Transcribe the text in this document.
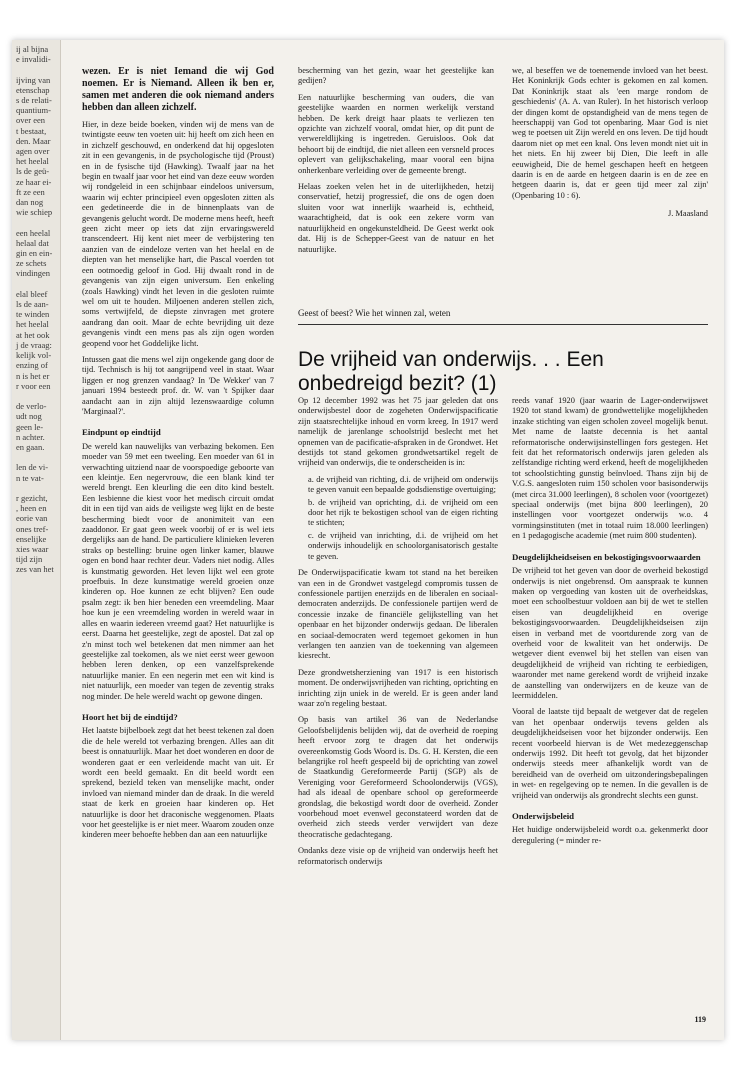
ij al bijna
e invalidi-

ijving van
etenschap
s de relati-
quantium-
over een
t bestaat,
den. Maar
agen over
het heelal
ls de geü-
ze haar ei-
ft ze een
dan nog
wie schiep

een heelal
helaal dat
gin en ein-
ze schets
vindingen

elal bleef
ls de aan-
te winden
het heelal
at het ook
j de vraag:
kelijk vol-
enzing of
n is het er
r voor een

de verlo-
udt nog
geen le-
n achter.
en gaan.

len de vi-
n te vat-

r gezicht,
, heen en
eorie van
ones tref-
enselijke
xies waar
tijd zijn
zes van het

wezen. Er is niet Iemand die wij God noemen. Er is Niemand. Alleen ik ben er, samen met anderen die ook niemand anders hebben dan alleen zichzelf.

Hier, in deze beide boeken, vinden wij de mens van de twintigste eeuw ten voeten uit: hij heeft om zich heen en in zichzelf geschouwd, en onderkend dat hij opgesloten zit in een gevangenis, in de psychologische tijd (Proust) en in de fysische tijd (Hawking). Twaalf jaar na het begin en twaalf jaar voor het eind van deze eeuw worden wij rondgeleid in een schijnbaar eindeloos universum, waarin wij echter principieel even opgesloten zitten als een gedetineerde die in de binnenplaats van de gevangenis gelucht wordt. De moderne mens heeft, heeft geen zicht meer op iets dat zijn ervaringswereld transcendeert. Hij kent niet meer de verbijstering ten aanzien van de eindeloze verten van het heelal en de diepten van het menselijke hart, die Pascal voerden tot een ootmoedig geloof in God. Hij dwaalt rond in de gevangenis van zijn eigen universum. Een enkeling (zoals Hawking) vindt het leven in die gesloten ruimte wel om uit te houden. Miljoenen anderen stellen zich, soms vertwijfeld, de diepste zinvragen met grotere aandrang dan ooit. Maar de echte bevrijding uit deze gevangenis vindt een mens pas als zijn ogen worden geopend voor het Goddelijke licht.

Intussen gaat die mens wel zijn ongekende gang door de tijd. Technisch is hij tot aangrijpend veel in staat. Waar liggen er nog grenzen vandaag? In 'De Wekker' van 7 januari 1994 besteedt prof. dr. W. van 't Spijker daar aandacht aan in zijn altijd lezenswaardige column 'Marginaal?'.

Eindpunt op eindtijd

De wereld kan nauwelijks van verbazing bekomen. Een moeder van 59 met een tweeling. Een moeder van 61 in verwachting uitziend naar de voorspoedige geboorte van een kleintje. Een negervrouw, die een blank kind ter wereld brengt. Een kleurling die een dito kind bestelt. Een lesbienne die kiest voor het medisch circuit omdat dit in een tijd van aids de veiligste weg lijkt en de beste bescherming biedt voor de anonimiteit van een zaaddonor. Er gaat geen week voorbij of er is wel iets dergelijks aan de hand. De particuliere klinieken leveren straks op bestelling: bruine ogen linker kamer, blauwe ogen en bond haar rechter deur. Vaders niet nodig. Alles is kunstmatig geworden. Het leven lijkt wel een grote proefbuis. In deze kunstmatige wereld groeien onze kinderen op. Hoe kunnen ze echt blijven? Een oude psalm zegt: ik ben hier beneden een vreemdeling. Maar hoe kun je een vreemdeling worden in wereld waar in alles en waarin iedereen vreemd gaat? Het natuurlijke is eerst. Daarna het geestelijke, zegt de apostel. Dat zal op z'n minst toch wel betekenen dat men nimmer aan het geestelijke zal toekomen, als we niet eerst weer gewoon hebben leren denken, op een vanzelfsprekende natuurlijke manier. En een negerin met een wit kind is niet natuurlijk, een moeder van tegen de zeventig straks nog minder. De hele wereld wacht op gewone dingen.

Hoort het bij de eindtijd?

Het laatste bijbelboek zegt dat het beest tekenen zal doen die de hele wereld tot verbazing brengen. Alles aan dit beest is onnatuurlijk. Maar het doet wonderen en door de wonderen gaat er een verleidende macht van uit. Er wordt een beeld gemaakt. En dit beeld wordt een sprekend, bezield teken van menselijke macht, onder invloed van niemand minder dan de draak. In die wereld staat de kerk en groeien haar kinderen op. Het natuurlijke is door het draconische weggenomen. Plaats voor het geestelijke is er niet meer. Waarom zouden onze kinderen meer behoefte hebben dan aan een natuurlijke

bescherming van het gezin, waar het geestelijke kan gedijen?

Een natuurlijke bescherming van ouders, die van geestelijke waarden en normen werkelijk verstand hebben. De kerk dreigt haar plaats te verliezen ten opzichte van zichzelf vooral, omdat hier, op dit punt de verwereldlijking is ingetreden. Geruisloos. Ook dat behoort bij de eindtijd, die niet alleen een versneld proces oplevert van gelijkschakeling, maar vooral een bijna onherkenbare verleiding over de gemeente brengt.

Helaas zoeken velen het in de uiterlijkheden, hetzij conservatief, hetzij progressief, die ons de ogen doen sluiten voor wat innerlijk waarheid is, echtheid, waarachtigheid, dat is ook een zekere vorm van natuurlijkheid en ongekunsteldheid. De Geest werkt ook dat. Hij is de Schepper-Geest van de natuur en het natuurlijke.

we, al beseffen we de toenemende invloed van het beest. Het Koninkrijk Gods echter is gekomen en zal komen. Dat Koninkrijk staat als 'een marge rondom de geschiedenis' (A. A. van Ruler). In het historisch verloop der dingen komt de opstandigheid van de mens tegen de heerschappij van God tot openbaring. Maar God is niet weg te poetsen uit Zijn wereld en ons leven. De tijd houdt daarom niet op met een knal. Ons leven mondt niet uit in het niets. En hij zweer bij Dien, Die leeft in alle eeuwigheid, Die de hemel geschapen heeft en hetgeen daarin is en de aarde en hetgeen daarin is en de zee en hetgeen daarin is, dat er geen tijd meer zal zijn' (Openbaring 10 : 6).

J. Maasland
Geest of beest? Wie het winnen zal, weten
De vrijheid van onderwijs. . . Een onbedreigd bezit? (1)

Op 12 december 1992 was het 75 jaar geleden dat ons onderwijsbestel door de zogeheten Onderwijspacificatie zijn staatsrechtelijke inhoud en vorm kreeg. In 1917 werd namelijk de jarenlange schoolstrijd beslecht met het opnemen van de pacificatie-afspraken in de Grondwet. Het destijds tot stand gekomen grondwetsartikel regelt de vrijheid van onderwijs, die te onderscheiden is in:

a. de vrijheid van richting, d.i. de vrijheid om onderwijs te geven vanuit een bepaalde godsdienstige overtuiging;
b. de vrijheid van oprichting, d.i. de vrijheid om een door het rijk te bekostigen school van de eigen richting te stichten;
c. de vrijheid van inrichting, d.i. de vrijheid om het onderwijs inhoudelijk en schoolorganisatorisch gestalte te geven.

De Onderwijspacificatie kwam tot stand na het bereiken van een in de Grondwet vastgelegd compromis tussen de confessionele partijen enerzijds en de liberalen en sociaal-democraten anderzijds. De confessionele partijen werd de concessie inzake de financiële gelijkstelling van het openbaar en het bijzonder onderwijs gedaan. De liberalen en sociaal-democraten werd tegemoet gekomen in hun verlangen ten aanzien van de toekenning van algemeen kiesrecht.

Deze grondwetsherziening van 1917 is een historisch moment. De onderwijsvrijheden van richting, oprichting en inrichting zijn uniek in de wereld. Er is geen ander land waar zo'n regeling bestaat.

Op basis van artikel 36 van de Nederlandse Geloofsbelijdenis belijden wij, dat de overheid de roeping heeft ervoor zorg te dragen dat het onderwijs overeenkomstig Gods Woord is. Ds. G. H. Kersten, die een belangrijke rol heeft gespeeld bij de oprichting van zowel de Staatkundig Gereformeerde Partij (SGP) als de Vereniging voor Gereformeerd Schoolonderwijs (VGS), had als ideaal de openbare school op gereformeerde grondslag, die bekostigd wordt door de overheid. Zonder voorbehoud moet evenwel geconstateerd worden dat de overheid zich steeds verder verwijdert van deze theocratische gedachtegang.

Ondanks deze visie op de vrijheid van onderwijs heeft het reformatorisch onderwijs

reeds vanaf 1920 (jaar waarin de Lager-onderwijswet 1920 tot stand kwam) de grondwettelijke mogelijkheden inzake stichting van eigen scholen zoveel mogelijk benut. Met name de laatste decennia is het aantal reformatorische onderwijsinstellingen fors gestegen. Het feit dat het reformatorisch onderwijs jaren geleden als zelfstandige richting werd erkend, heeft de mogelijkheden tot schoolstichting gunstig beïnvloed. Thans zijn bij de V.G.S. aangesloten ruim 150 scholen voor basisonderwijs (met circa 31.000 leerlingen), 8 scholen voor (voortgezet) speciaal onderwijs (met bijna 800 leerlingen), 20 instellingen voor voortgezet onderwijs w.o. 4 vormingsinstituten (met in totaal ruim 18.000 leerlingen) en 1 pedagogische academie (met ruim 800 studenten).

Deugdelijkheidseisen en bekostigingsvoorwaarden

De vrijheid tot het geven van door de overheid bekostigd onderwijs is niet ongebrensd. Om aanspraak te kunnen maken op vergoeding van kosten uit de overheidskas, moet een schoolbestuur voldoen aan bij de wet te stellen eisen van deugdelijkheid en overige bekostigingsvoorwaarden. Deugdelijkheidseisen zijn eisen in verband met de voortdurende zorg van de overheid voor de kwaliteit van het onderwijs. De wetgever dient evenwel bij het stellen van eisen van deugdelijkheid de vrijheid van richting te eerbiedigen, waaronder met name gerekend wordt de vrijheid inzake de aanstelling van onderwijzers en de keuze van de leermiddelen.

Vooral de laatste tijd bepaalt de wetgever dat de regelen van het openbaar onderwijs tevens gelden als deugdelijkheidseisen voor het bijzonder onderwijs. Een recent voorbeeld hiervan is de Wet medezeggenschap onderwijs 1992. Dit heeft tot gevolg, dat het bijzonder onderwijs steeds meer afhankelijk wordt van de bereidheid van de overheid om uitzonderingsbepalingen in wet- en regelgeving op te nemen. In die gevallen is de vrijheid van onderwijs als grondrecht slechts een gunst.

Onderwijsbeleid

Het huidige onderwijsbeleid wordt o.a. gekenmerkt door deregulering (= minder re-

119
